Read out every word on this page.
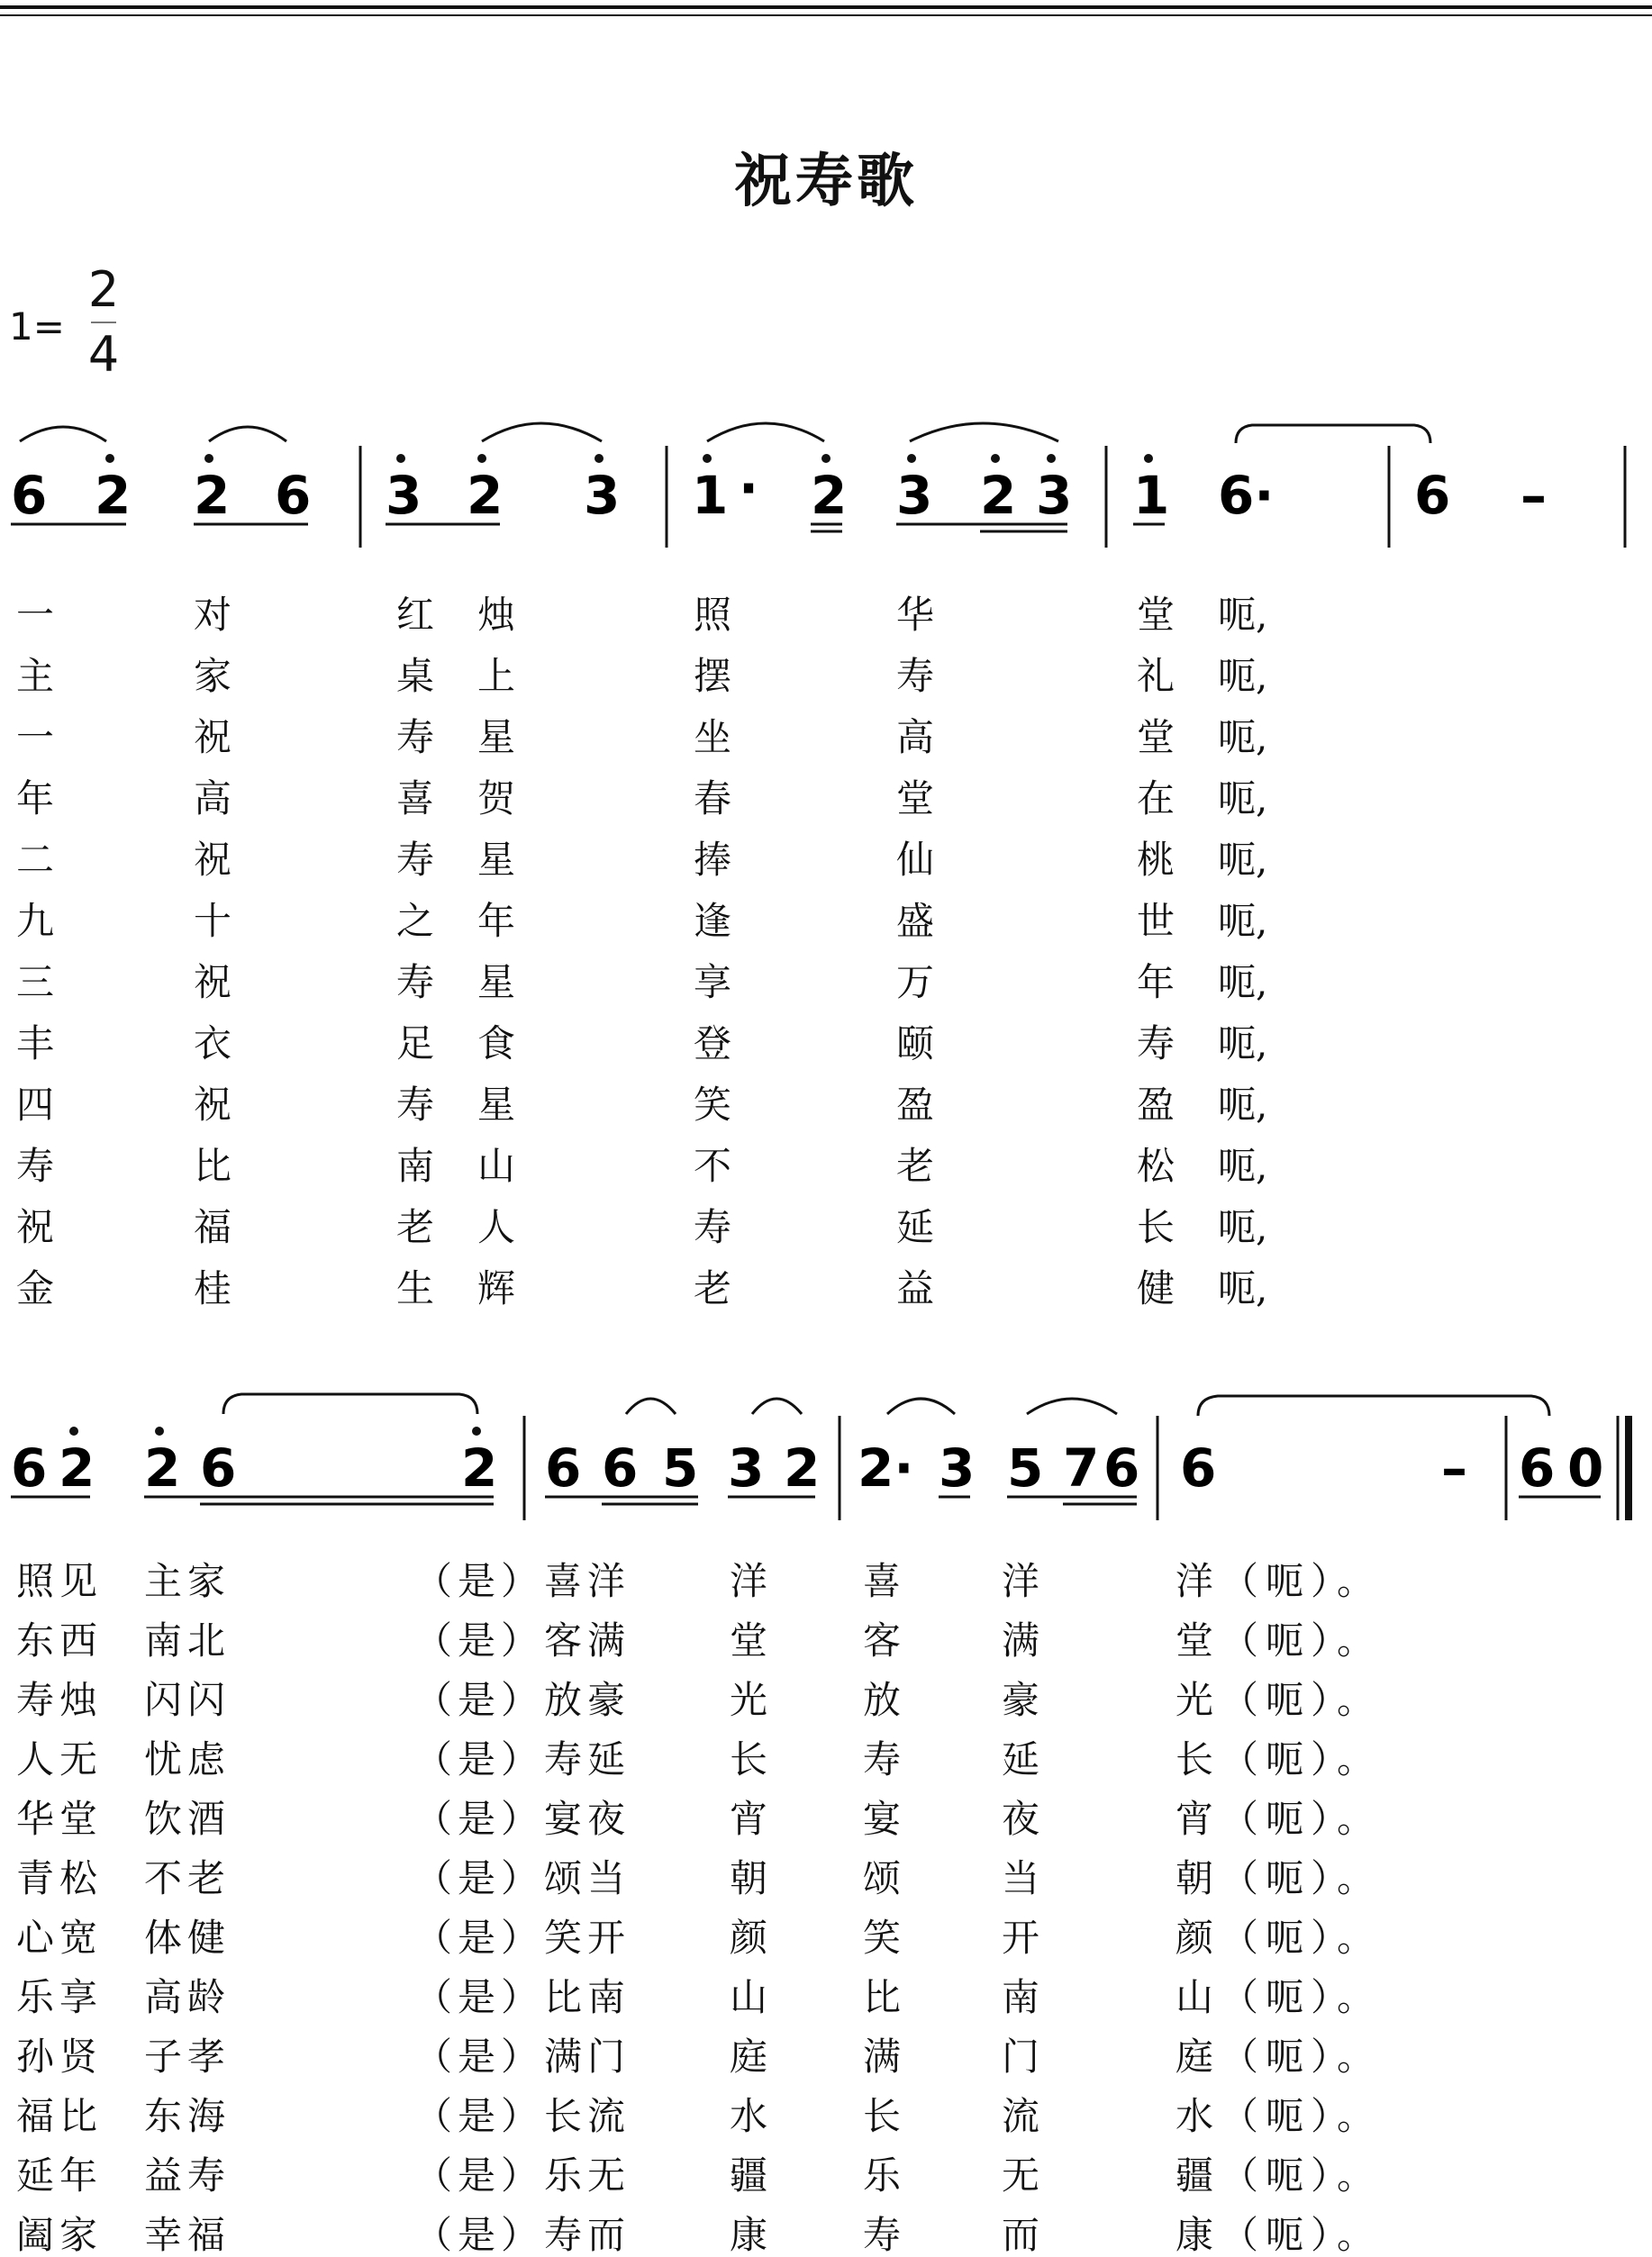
祝寿歌
1=
2
4
6 2 2 6 3 2 3 1 · 2 3 2 3 1 6·	6 –
一	对	红 烛	照	华	堂 呃,
主	家	桌 上	摆	寿	礼 呃,
一	祝	寿 星	坐	高	堂 呃,
年	高	喜 贺	春	堂	在 呃,
二	祝	寿 星	捧	仙	桃 呃,
九	十	之 年	逢	盛	世 呃,
三	祝	寿 星	享	万	年 呃,
丰	衣	足 食	登	颐	寿 呃,
四	祝	寿 星	笑	盈	盈 呃,
寿	比	南 山	不	老	松 呃,
祝	福	老 人	寿	延	长 呃,
金	桂	生 辉	老	益	健 呃,
6 2 2 6	2 6 6 5 3 2 2· 3 5 7 6 6	– 6 0
照见 主家	（是）喜洋	洋	喜	洋	洋（呃）。
东西 南北	（是）客满	堂	客	满	堂（呃）。
寿烛 闪闪	（是）放豪	光	放	豪	光（呃）。
人无 忧虑	（是）寿延	长	寿	延	长（呃）。
华堂 饮酒	（是）宴夜	宵	宴	夜	宵（呃）。
青松 不老	（是）颂当	朝	颂	当	朝（呃）。
心宽 体健	（是）笑开	颜	笑	开	颜（呃）。
乐享 高龄	（是）比南	山	比	南	山（呃）。
孙贤 子孝	（是）满门	庭	满	门	庭（呃）。
福比 东海	（是）长流	水	长	流	水（呃）。
延年 益寿	（是）乐无	疆	乐	无	疆（呃）。
阖家 幸福	（是）寿而	康	寿	而	康（呃）。
